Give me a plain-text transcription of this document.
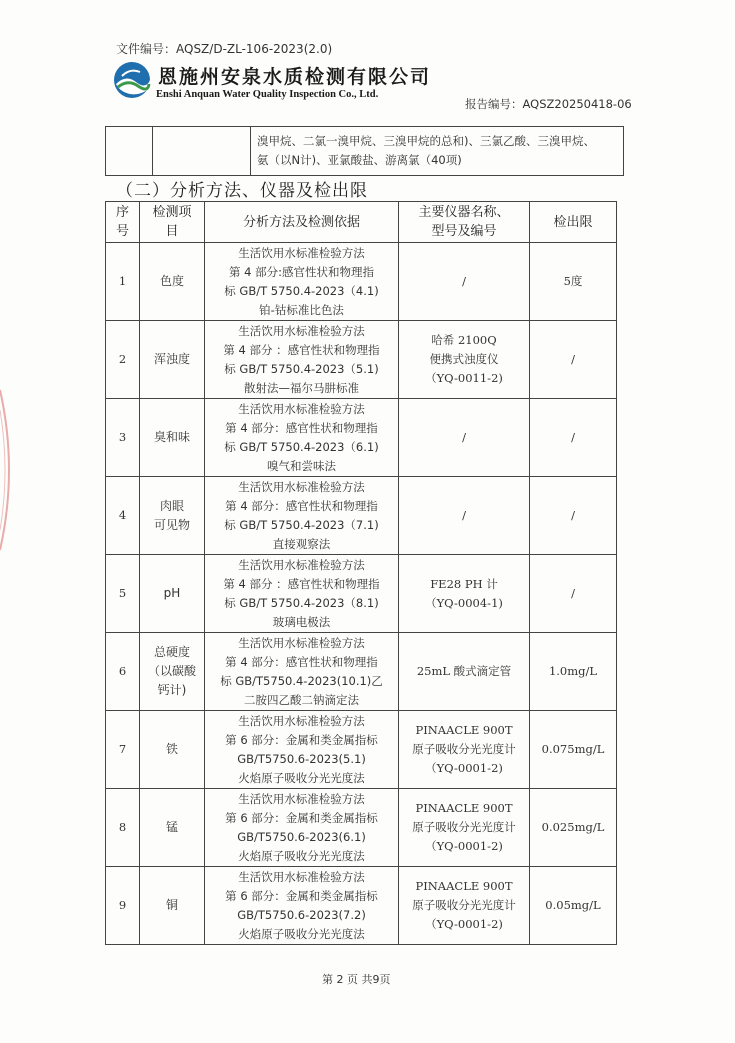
文件编号：AQSZ/D-ZL-106-2023(2.0)
恩施州安泉水质检测有限公司
Enshi Anquan Water Quality Inspection Co., Ltd.
报告编号：AQSZ20250418-06

溴甲烷、二氯一溴甲烷、三溴甲烷的总和)、三氯乙酸、三溴甲烷、
氨（以N计)、亚氯酸盐、游离氯（40项)
（二）分析方法、仪器及检出限
序
号	检测项
目	分析方法及检测依据	主要仪器名称、
型号及编号	检出限
1	色度	生活饮用水标准检验方法
第 4 部分:感官性状和物理指
标 GB/T 5750.4-2023（4.1)
铂-钴标准比色法	/	5度
2	浑浊度	生活饮用水标准检验方法
第 4 部分 ：感官性状和物理指
标 GB/T 5750.4-2023（5.1)
散射法—福尔马肼标准	哈希 2100Q
便携式浊度仪
（YQ-0011-2)	/
3	臭和味	生活饮用水标准检验方法
第 4 部分：感官性状和物理指
标 GB/T 5750.4-2023（6.1)
嗅气和尝味法	/	/
4	肉眼
可见物	生活饮用水标准检验方法
第 4 部分：感官性状和物理指
标 GB/T 5750.4-2023（7.1)
直接观察法	/	/
5	pH	生活饮用水标准检验方法
第 4 部分 ：感官性状和物理指
标 GB/T 5750.4-2023（8.1)
玻璃电极法	FE28 PH 计
（YQ-0004-1)	/
6	总硬度
（以碳酸
钙计)	生活饮用水标准检验方法
第 4 部分：感官性状和物理指
标 GB/T5750.4-2023(10.1)乙
二胺四乙酸二钠滴定法	25mL 酸式滴定管	1.0mg/L
7	铁	生活饮用水标准检验方法
第 6 部分：金属和类金属指标
GB/T5750.6-2023(5.1)
火焰原子吸收分光光度法	PINAACLE 900T
原子吸收分光光度计
（YQ-0001-2)	0.075mg/L
8	锰	生活饮用水标准检验方法
第 6 部分：金属和类金属指标
GB/T5750.6-2023(6.1)
火焰原子吸收分光光度法	PINAACLE 900T
原子吸收分光光度计
（YQ-0001-2)	0.025mg/L
9	铜	生活饮用水标准检验方法
第 6 部分：金属和类金属指标
GB/T5750.6-2023(7.2)
火焰原子吸收分光光度法	PINAACLE 900T
原子吸收分光光度计
（YQ-0001-2)	0.05mg/L
第 2 页 共9页
